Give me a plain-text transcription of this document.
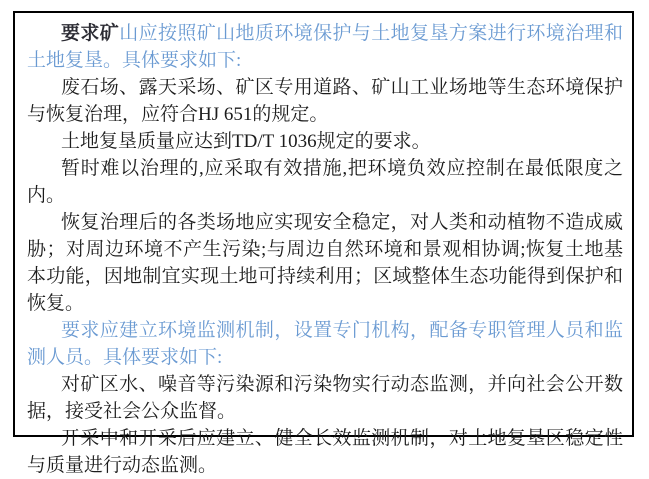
要求矿山应按照矿山地质环境保护与土地复垦方案进行环境治理和土地复垦。具体要求如下:

废石场、露天采场、矿区专用道路、矿山工业场地等生态环境保护与恢复治理，应符合HJ 651的规定。

土地复垦质量应达到TD/T 1036规定的要求。

暂时难以治理的,应采取有效措施,把环境负效应控制在最低限度之内。

恢复治理后的各类场地应实现安全稳定，对人类和动植物不造成威胁；对周边环境不产生污染;与周边自然环境和景观相协调;恢复土地基本功能，因地制宜实现土地可持续利用；区域整体生态功能得到保护和恢复。

要求应建立环境监测机制，设置专门机构，配备专职管理人员和监测人员。具体要求如下:

对矿区水、噪音等污染源和污染物实行动态监测，并向社会公开数据，接受社会公众监督。

开采中和开采后应建立、健全长效监测机制，对土地复垦区稳定性与质量进行动态监测。
